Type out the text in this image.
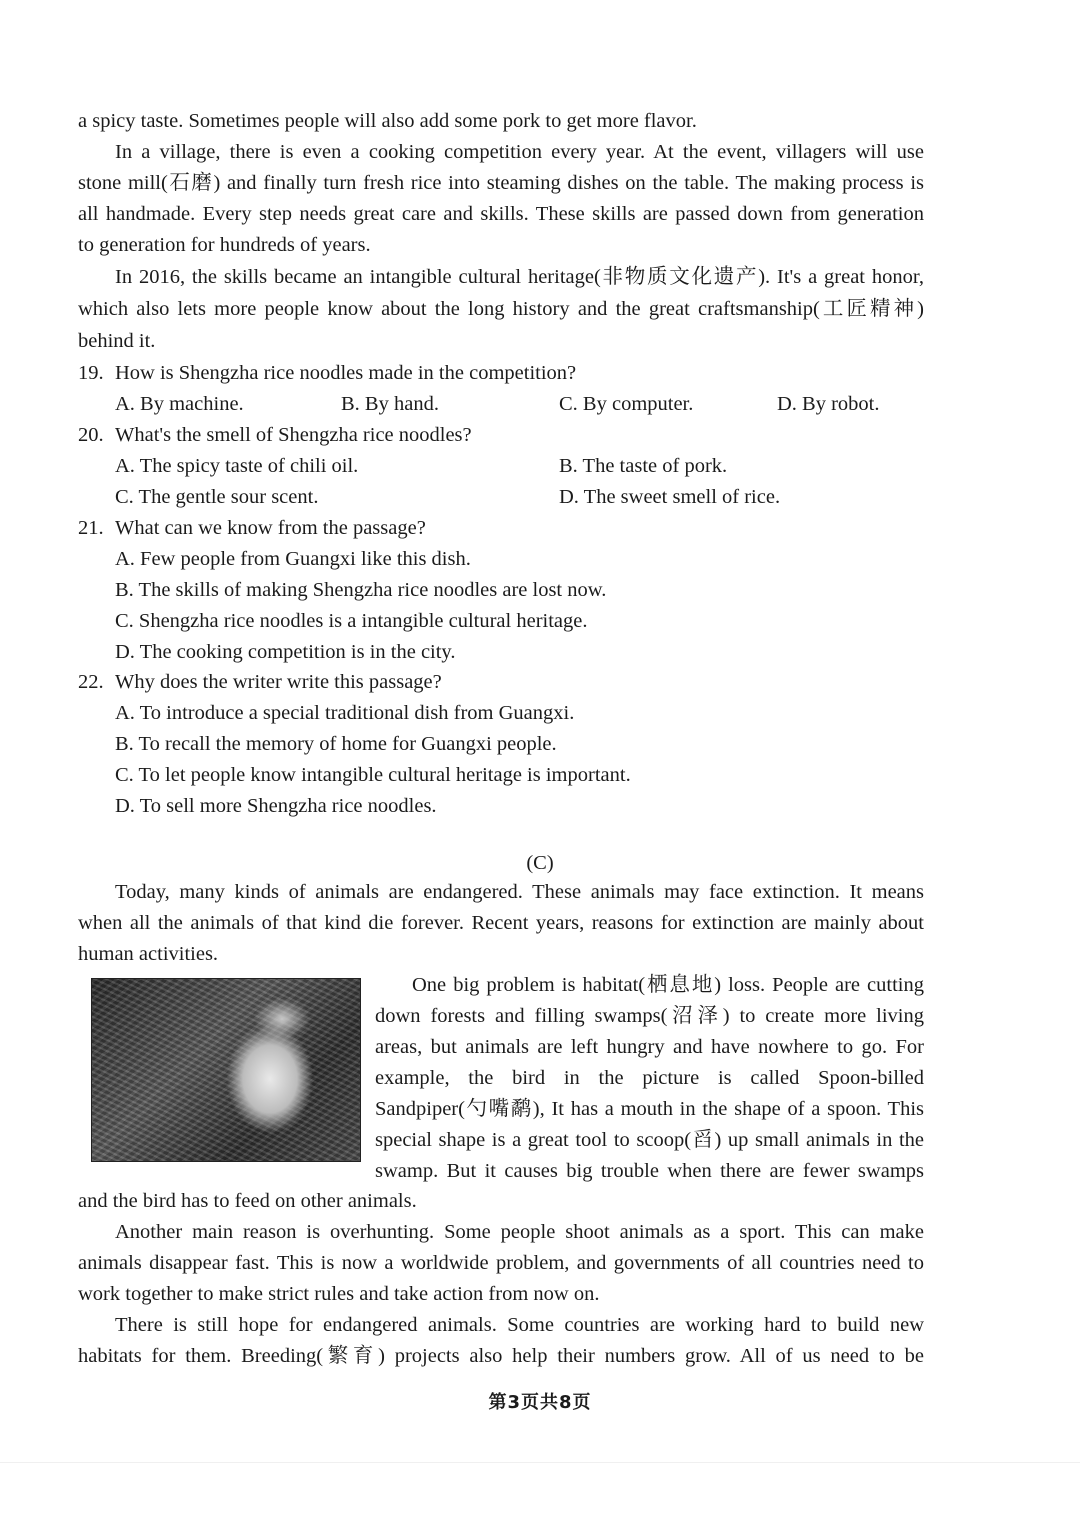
a spicy taste. Sometimes people will also add some pork to get more flavor.
In a village, there is even a cooking competition every year. At the event, villagers will use
stone mill(石磨) and finally turn fresh rice into steaming dishes on the table. The making process is
all handmade. Every step needs great care and skills. These skills are passed down from generation
to generation for hundreds of years.
In 2016, the skills became an intangible cultural heritage(非物质文化遗产). It's a great honor,
which also lets more people know about the long history and the great craftsmanship(工匠精神)
behind it.
19. How is Shengzha rice noodles made in the competition?
A. By machine.	B. By hand.	C. By computer.	D. By robot.
20. What's the smell of Shengzha rice noodles?
A. The spicy taste of chili oil.	B. The taste of pork.
C. The gentle sour scent.	D. The sweet smell of rice.
21. What can we know from the passage?
A. Few people from Guangxi like this dish.
B. The skills of making Shengzha rice noodles are lost now.
C. Shengzha rice noodles is a intangible cultural heritage.
D. The cooking competition is in the city.
22. Why does the writer write this passage?
A. To introduce a special traditional dish from Guangxi.
B. To recall the memory of home for Guangxi people.
C. To let people know intangible cultural heritage is important.
D. To sell more Shengzha rice noodles.
(C)
Today, many kinds of animals are endangered. These animals may face extinction. It means
when all the animals of that kind die forever. Recent years, reasons for extinction are mainly about
human activities.
One big problem is habitat(栖息地) loss. People are cutting
down forests and filling swamps(沼泽) to create more living
areas, but animals are left hungry and have nowhere to go. For
example, the bird in the picture is called Spoon-billed
Sandpiper(勺嘴鹬), It has a mouth in the shape of a spoon. This
special shape is a great tool to scoop(舀) up small animals in the
swamp. But it causes big trouble when there are fewer swamps
and the bird has to feed on other animals.
Another main reason is overhunting. Some people shoot animals as a sport. This can make
animals disappear fast. This is now a worldwide problem, and governments of all countries need to
work together to make strict rules and take action from now on.
There is still hope for endangered animals. Some countries are working hard to build new
habitats for them. Breeding(繁育) projects also help their numbers grow. All of us need to be
第3页共8页
